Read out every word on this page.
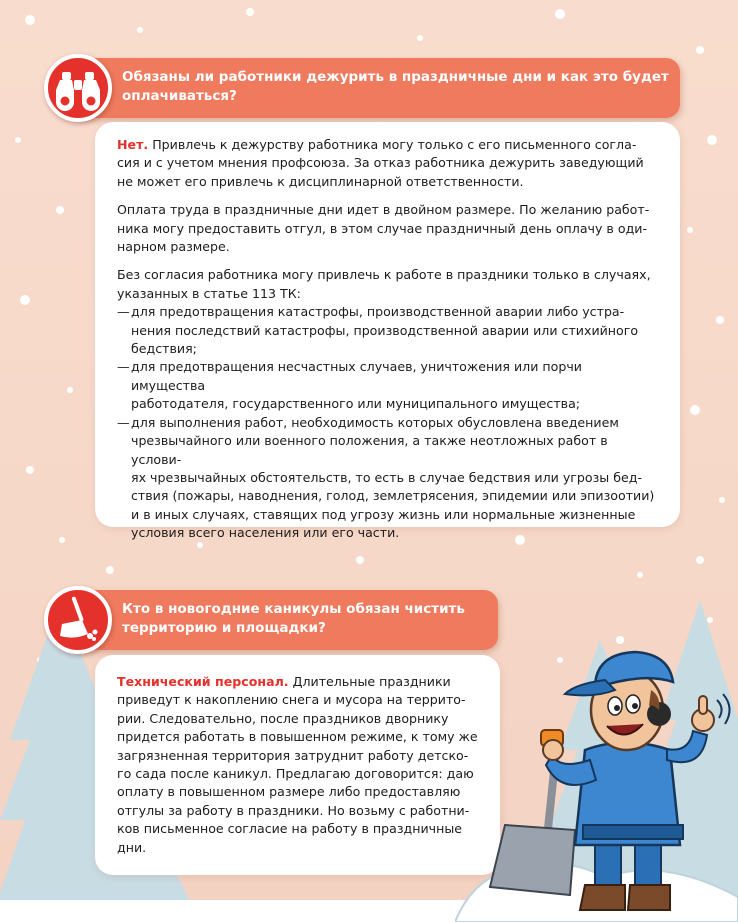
Обязаны ли работники дежурить в праздничные дни и как это будет
оплачиваться?

Нет. Привлечь к дежурству работника могу только с его письменного согла-
сия и с учетом мнения профсоюза. За отказ работника дежурить заведующий
не может его привлечь к дисциплинарной ответственности.

Оплата труда в праздничные дни идет в двойном размере. По желанию работ-
ника могу предоставить отгул, в этом случае праздничный день оплачу в оди-
нарном размере.

Без согласия работника могу привлечь к работе в праздники только в случаях,
указанных в статье 113 ТК:
— для предотвращения катастрофы, производственной аварии либо устра-
нения последствий катастрофы, производственной аварии или стихийного
бедствия;
— для предотвращения несчастных случаев, уничтожения или порчи имущества
работодателя, государственного или муниципального имущества;
— для выполнения работ, необходимость которых обусловлена введением
чрезвычайного или военного положения, а также неотложных работ в услови-
ях чрезвычайных обстоятельств, то есть в случае бедствия или угрозы бед-
ствия (пожары, наводнения, голод, землетрясения, эпидемии или эпизоотии)
и в иных случаях, ставящих под угрозу жизнь или нормальные жизненные
условия всего населения или его части.
Кто в новогодние каникулы обязан чистить
территорию и площадки?
Технический персонал. Длительные праздники
приведут к накоплению снега и мусора на террито-
рии. Следовательно, после праздников дворнику
придется работать в повышенном режиме, к тому же
загрязненная территория затруднит работу детско-
го сада после каникул. Предлагаю договорится: даю
оплату в повышенном размере либо предоставляю
отгулы за работу в праздники. Но возьму с работни-
ков письменное согласие на работу в праздничные
дни.
